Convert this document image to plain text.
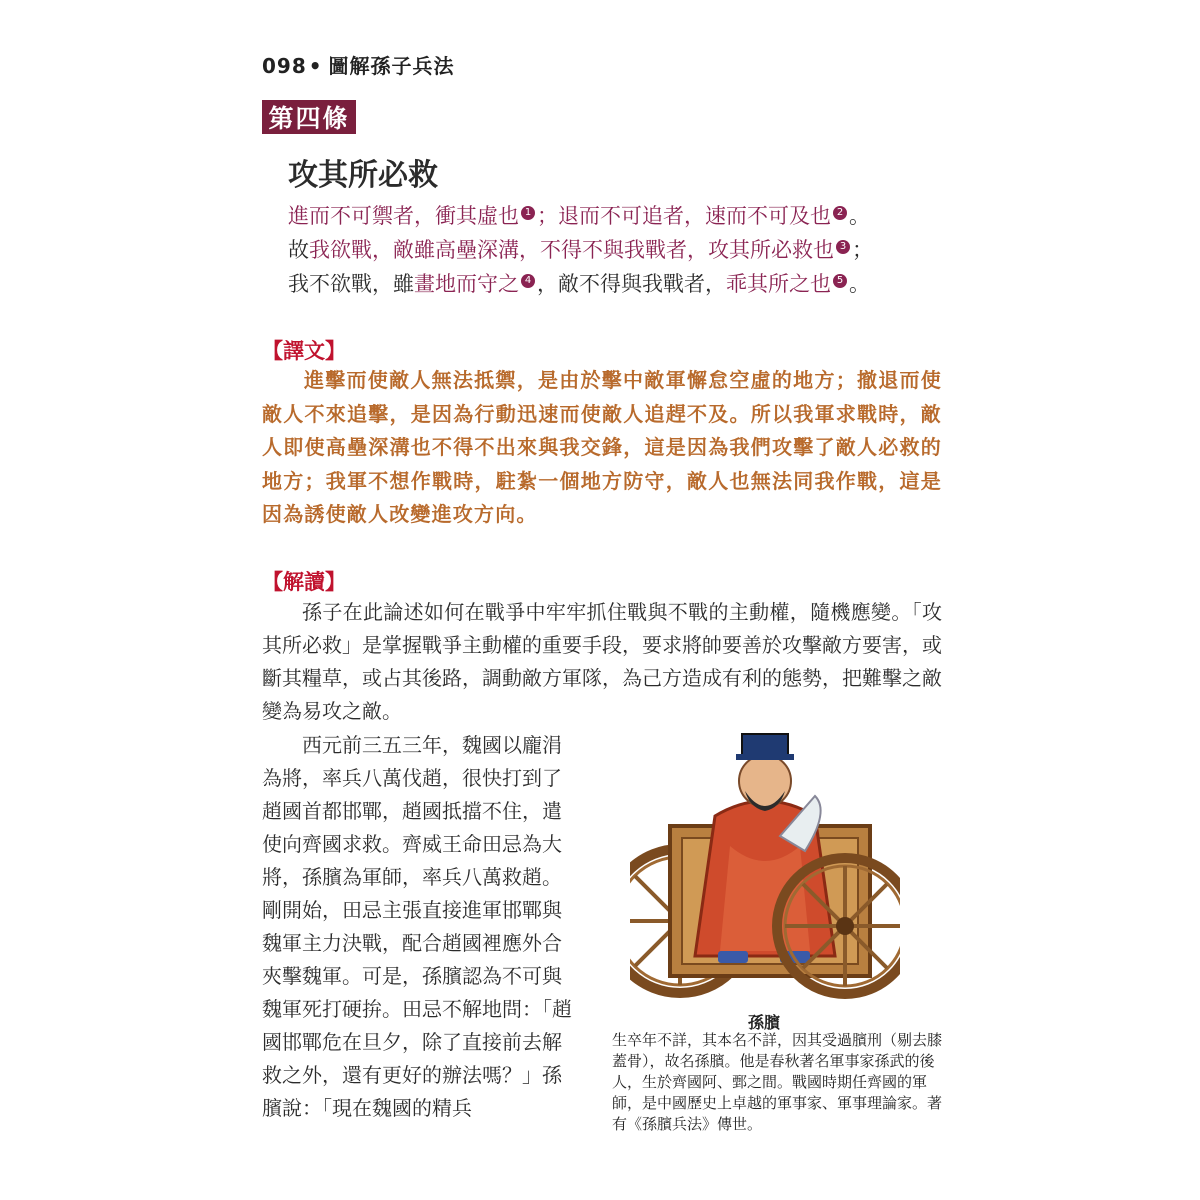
098 • 圖解孫子兵法
第四條
攻其所必救
進而不可禦者，衝其虛也 $^1$ ；退而不可追者，速而不可及也 $^2$ 。
故我欲戰，敵雖高壘深溝，不得不與我戰者，攻其所必救也 $^3$ ；
我不欲戰，雖畫地而守之 $^4$ ，敵不得與我戰者，乖其所之也 $^5$ 。
【譯文】

進擊而使敵人無法抵禦，是由於擊中敵軍懈怠空虛的地方；撤退而使敵人不來追擊，是因為行動迅速而使敵人追趕不及。所以我軍求戰時，敵人即使高壘深溝也不得不出來與我交鋒，這是因為我們攻擊了敵人必救的地方；我軍不想作戰時，駐紮一個地方防守，敵人也無法同我作戰，這是因為誘使敵人改變進攻方向。

【解讀】

孫子在此論述如何在戰爭中牢牢抓住戰與不戰的主動權，隨機應變。「攻其所必救」是掌握戰爭主動權的重要手段，要求將帥要善於攻擊敵方要害，或斷其糧草，或占其後路，調動敵方軍隊，為己方造成有利的態勢，把難擊之敵變為易攻之敵。

西元前三五三年，魏國以龐涓為將，率兵八萬伐趙，很快打到了趙國首都邯鄲，趙國抵擋不住，遣使向齊國求救。齊威王命田忌為大將，孫臏為軍師，率兵八萬救趙。剛開始，田忌主張直接進軍邯鄲與魏軍主力決戰，配合趙國裡應外合夾擊魏軍。可是，孫臏認為不可與魏軍死打硬拚。田忌不解地問：「趙國邯鄲危在旦夕，除了直接前去解救之外，還有更好的辦法嗎？」孫臏說：「現在魏國的精兵

孫臏
生卒年不詳，其本名不詳，因其受過臏刑（剔去膝蓋骨），故名孫臏。他是春秋著名軍事家孫武的後人，生於齊國阿、鄄之間。戰國時期任齊國的軍師，是中國歷史上卓越的軍事家、軍事理論家。著有《孫臏兵法》傳世。
